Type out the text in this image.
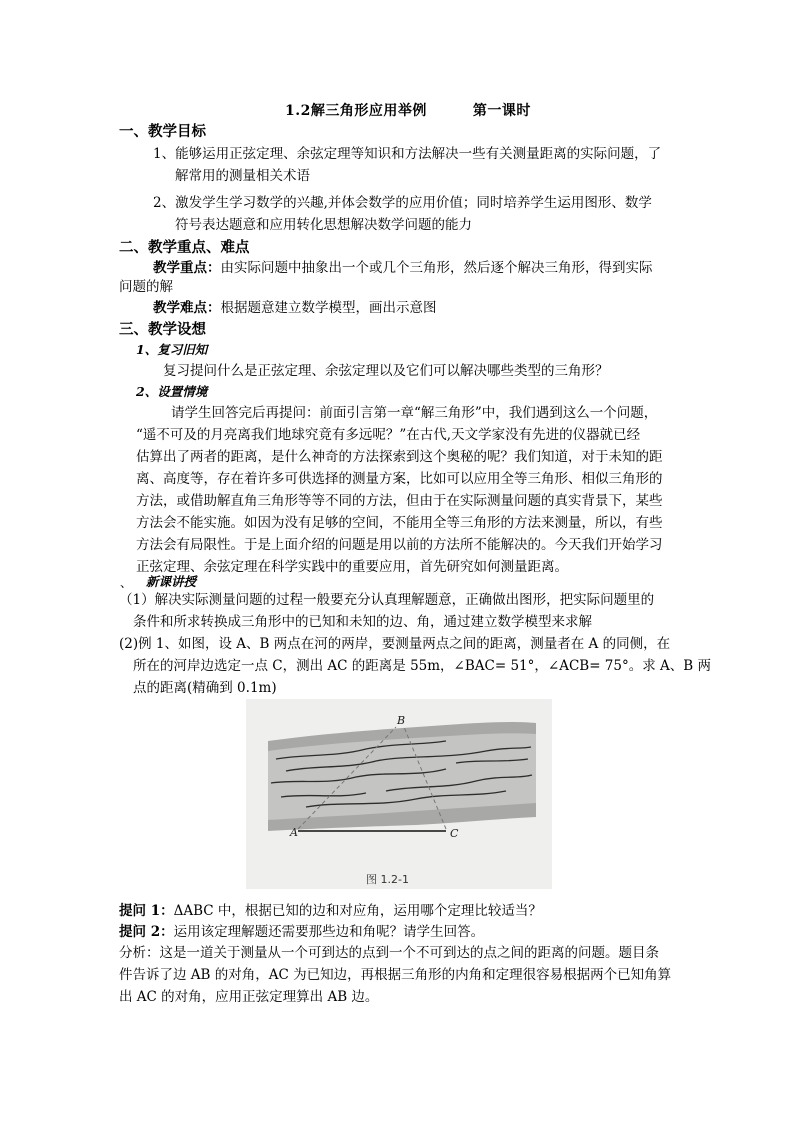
1.2解三角形应用举例	第一课时
一、教学目标
1、能够运用正弦定理、余弦定理等知识和方法解决一些有关测量距离的实际问题，了
解常用的测量相关术语
2、激发学生学习数学的兴趣,并体会数学的应用价值；同时培养学生运用图形、数学
符号表达题意和应用转化思想解决数学问题的能力
二、教学重点、难点
教学重点：由实际问题中抽象出一个或几个三角形，然后逐个解决三角形，得到实际
问题的解
教学难点：根据题意建立数学模型，画出示意图
三、教学设想
1、复习旧知
复习提问什么是正弦定理、余弦定理以及它们可以解决哪些类型的三角形？
2、设置情境
请学生回答完后再提问：前面引言第一章“解三角形”中，我们遇到这么一个问题，
“遥不可及的月亮离我们地球究竟有多远呢？”在古代,天文学家没有先进的仪器就已经
估算出了两者的距离，是什么神奇的方法探索到这个奥秘的呢？我们知道，对于未知的距
离、高度等，存在着许多可供选择的测量方案，比如可以应用全等三角形、相似三角形的
方法，或借助解直角三角形等等不同的方法，但由于在实际测量问题的真实背景下，某些
方法会不能实施。如因为没有足够的空间，不能用全等三角形的方法来测量，所以，有些
方法会有局限性。于是上面介绍的问题是用以前的方法所不能解决的。今天我们开始学习
正弦定理、余弦定理在科学实践中的重要应用，首先研究如何测量距离。
、 新课讲授
（1）解决实际测量问题的过程一般要充分认真理解题意，正确做出图形，把实际问题里的
条件和所求转换成三角形中的已知和未知的边、角，通过建立数学模型来求解
(2)例 1、如图，设 A、B 两点在河的两岸，要测量两点之间的距离，测量者在 A 的同侧，在
所在的河岸边选定一点 C，测出 AC 的距离是 55m，∠BAC= 51°，∠ACB= 75°。求 A、B 两
点的距离(精确到 0.1m)
B
A	C
图 1.2-1
提问 1：ΔABC 中，根据已知的边和对应角，运用哪个定理比较适当？
提问 2：运用该定理解题还需要那些边和角呢？请学生回答。
分析：这是一道关于测量从一个可到达的点到一个不可到达的点之间的距离的问题。题目条
件告诉了边 AB 的对角，AC 为已知边，再根据三角形的内角和定理很容易根据两个已知角算
出 AC 的对角，应用正弦定理算出 AB 边。
